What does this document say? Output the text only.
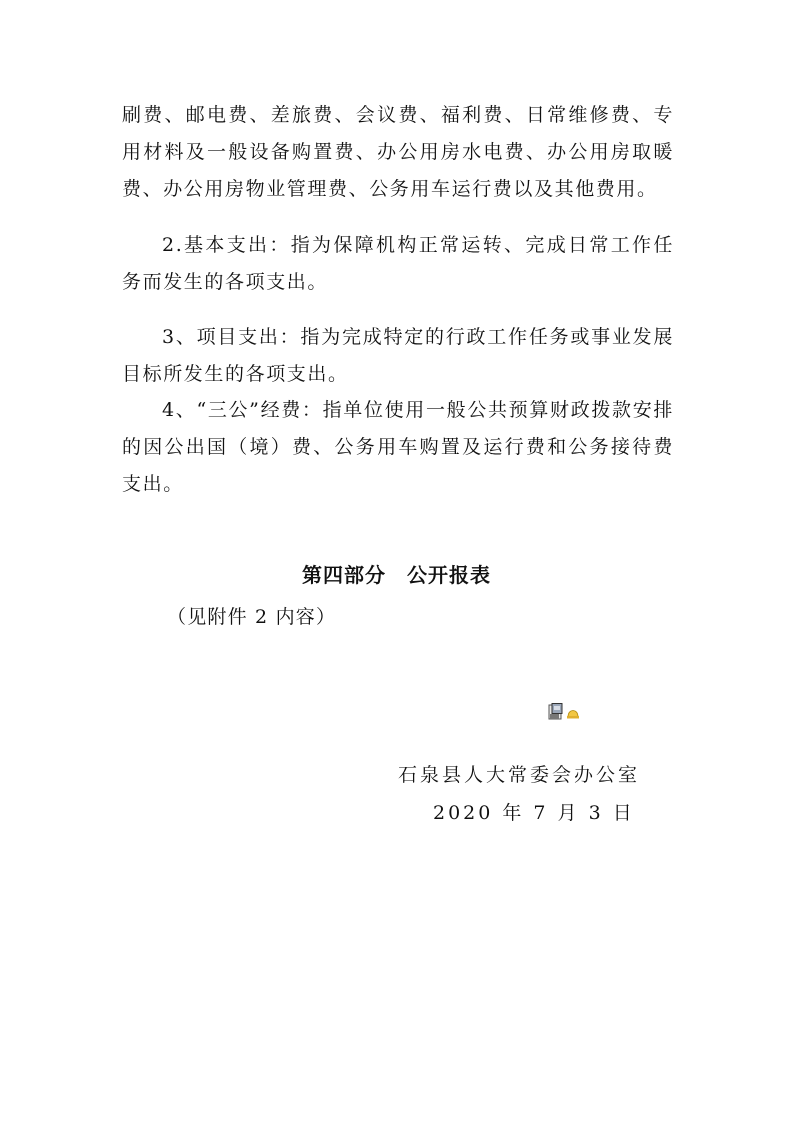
刷费、邮电费、差旅费、会议费、福利费、日常维修费、专用材料及一般设备购置费、办公用房水电费、办公用房取暖费、办公用房物业管理费、公务用车运行费以及其他费用。

2.基本支出：指为保障机构正常运转、完成日常工作任务而发生的各项支出。

3、项目支出：指为完成特定的行政工作任务或事业发展目标所发生的各项支出。

4、“三公”经费：指单位使用一般公共预算财政拨款安排的因公出国（境）费、公务用车购置及运行费和公务接待费支出。

第四部分　公开报表

（见附件 2 内容）

石泉县人大常委会办公室

2020 年 7 月 3 日
